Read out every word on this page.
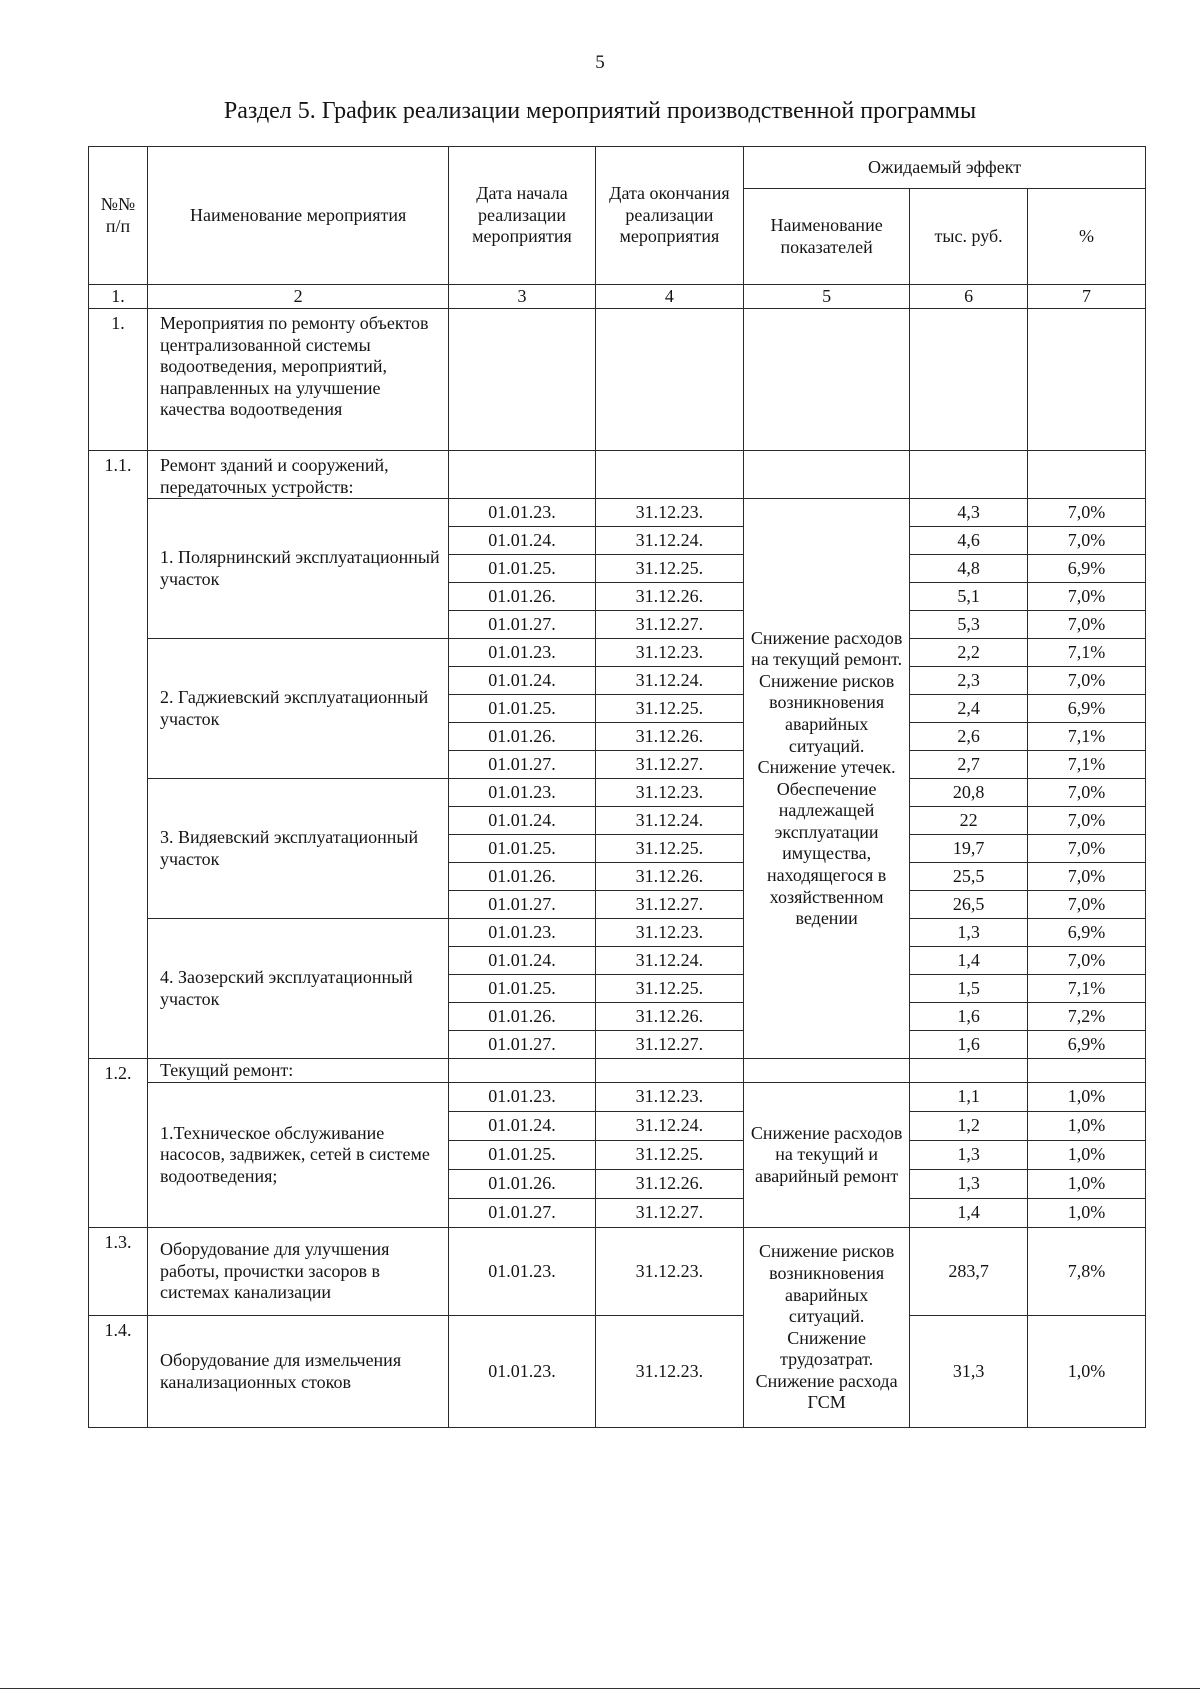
5
Раздел 5. График реализации мероприятий производственной программы
№№ п/п	Наименование мероприятия	Дата начала реализации мероприятия	Дата окончания реализации мероприятия	Ожидаемый эффект		
				Наименование показателей	тыс. руб.	%
1.	2	3	4	5	6	7
1.	Мероприятия по ремонту объектов централизованной системы водоотведения, мероприятий, направленных на улучшение качества водоотведения					
1.1.	Ремонт зданий и сооружений, передаточных устройств:					
	1. Полярнинский эксплуатационный участок	01.01.23.	31.12.23.	Снижение расходов на текущий ремонт. Снижение рисков возникновения аварийных ситуаций. Снижение утечек. Обеспечение надлежащей эксплуатации имущества, находящегося в хозяйственном ведении	4,3	7,0%
		01.01.24.	31.12.24.		4,6	7,0%
		01.01.25.	31.12.25.		4,8	6,9%
		01.01.26.	31.12.26.		5,1	7,0%
		01.01.27.	31.12.27.		5,3	7,0%
	2. Гаджиевский эксплуатационный участок	01.01.23.	31.12.23.		2,2	7,1%
		01.01.24.	31.12.24.		2,3	7,0%
		01.01.25.	31.12.25.		2,4	6,9%
		01.01.26.	31.12.26.		2,6	7,1%
		01.01.27.	31.12.27.		2,7	7,1%
	3. Видяевский эксплуатационный участок	01.01.23.	31.12.23.		20,8	7,0%
		01.01.24.	31.12.24.		22	7,0%
		01.01.25.	31.12.25.		19,7	7,0%
		01.01.26.	31.12.26.		25,5	7,0%
		01.01.27.	31.12.27.		26,5	7,0%
	4. Заозерский эксплуатационный участок	01.01.23.	31.12.23.		1,3	6,9%
		01.01.24.	31.12.24.		1,4	7,0%
		01.01.25.	31.12.25.		1,5	7,1%
		01.01.26.	31.12.26.		1,6	7,2%
		01.01.27.	31.12.27.		1,6	6,9%
1.2.	Текущий ремонт:					
	1.Техническое обслуживание насосов, задвижек, сетей в системе водоотведения;	01.01.23.	31.12.23.	Снижение расходов на текущий и аварийный ремонт	1,1	1,0%
		01.01.24.	31.12.24.		1,2	1,0%
		01.01.25.	31.12.25.		1,3	1,0%
		01.01.26.	31.12.26.		1,3	1,0%
		01.01.27.	31.12.27.		1,4	1,0%
1.3.	Оборудование для улучшения работы, прочистки засоров в системах канализации	01.01.23.	31.12.23.	Снижение рисков возникновения аварийных ситуаций. Снижение трудозатрат. Снижение расхода ГСМ	283,7	7,8%
1.4.	Оборудование для измельчения канализационных стоков	01.01.23.	31.12.23.		31,3	1,0%
